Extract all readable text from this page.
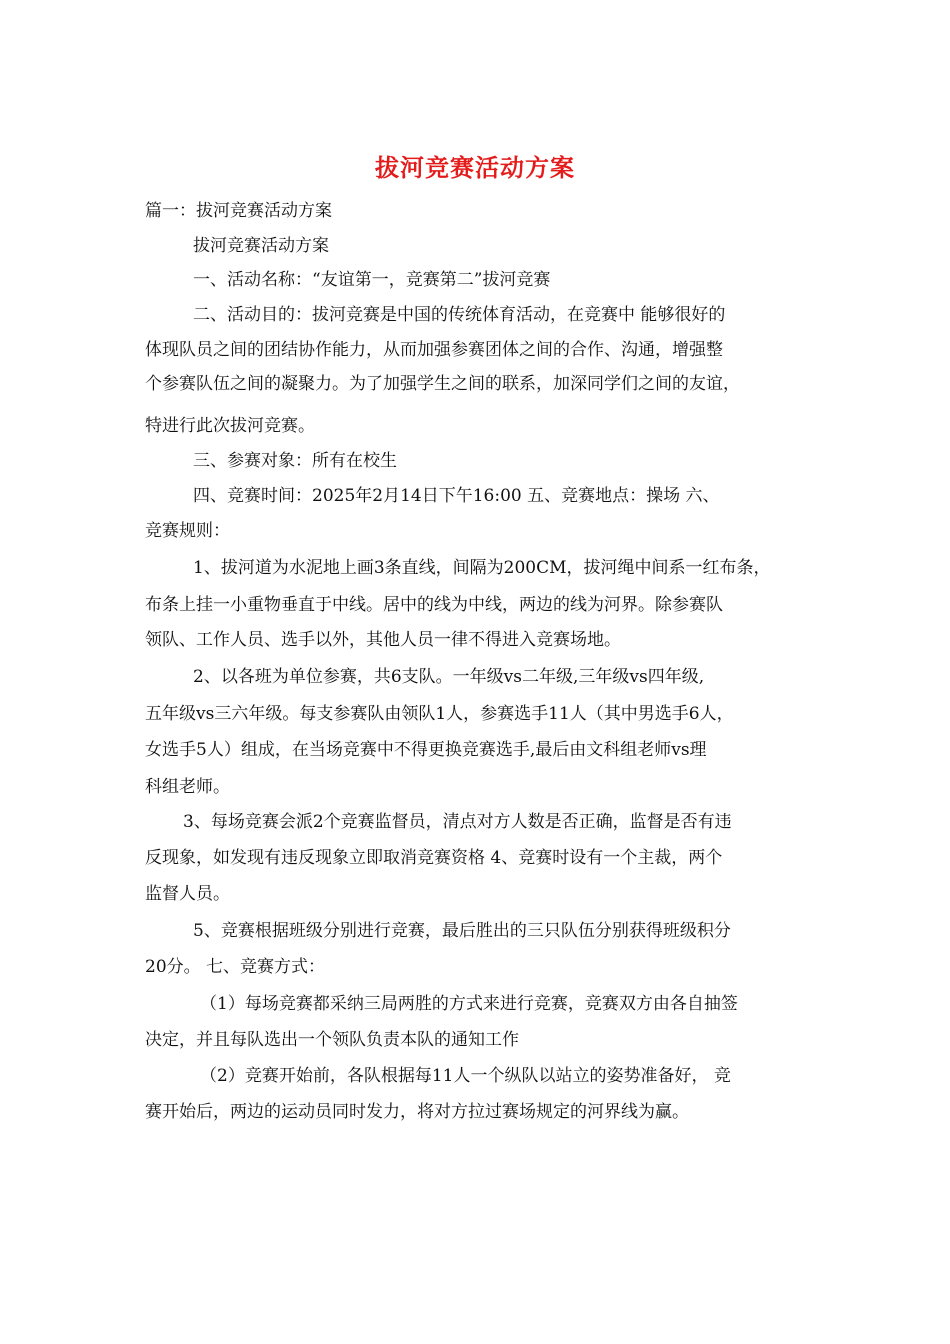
拔河竞赛活动方案
篇一：拔河竞赛活动方案
拔河竞赛活动方案
一、活动名称：“友谊第一，竞赛第二”拔河竞赛
二、活动目的：拔河竞赛是中国的传统体育活动，在竞赛中 能够很好的
体现队员之间的团结协作能力，从而加强参赛团体之间的合作、沟通，增强整
个参赛队伍之间的凝聚力。为了加强学生之间的联系，加深同学们之间的友谊，
特进行此次拔河竞赛。
三、参赛对象：所有在校生
四、竞赛时间：2025年2月14日下午16:00 五、竞赛地点：操场 六、
竞赛规则：
1、拔河道为水泥地上画3条直线，间隔为200CM，拔河绳中间系一红布条，
布条上挂一小重物垂直于中线。居中的线为中线，两边的线为河界。除参赛队
领队、工作人员、选手以外，其他人员一律不得进入竞赛场地。
2、以各班为单位参赛，共6支队。一年级vs二年级,三年级vs四年级,
五年级vs三六年级。每支参赛队由领队1人，参赛选手11人（其中男选手6人，
女选手5人）组成，在当场竞赛中不得更换竞赛选手,最后由文科组老师vs理
科组老师。
3、每场竞赛会派2个竞赛监督员，清点对方人数是否正确，监督是否有违
反现象，如发现有违反现象立即取消竞赛资格 4、竞赛时设有一个主裁，两个
监督人员。
5、竞赛根据班级分别进行竞赛，最后胜出的三只队伍分别获得班级积分
20分。 七、竞赛方式：
（1）每场竞赛都采纳三局两胜的方式来进行竞赛，竞赛双方由各自抽签
决定，并且每队选出一个领队负责本队的通知工作
（2）竞赛开始前，各队根据每11人一个纵队以站立的姿势准备好， 竞
赛开始后，两边的运动员同时发力，将对方拉过赛场规定的河界线为赢。
